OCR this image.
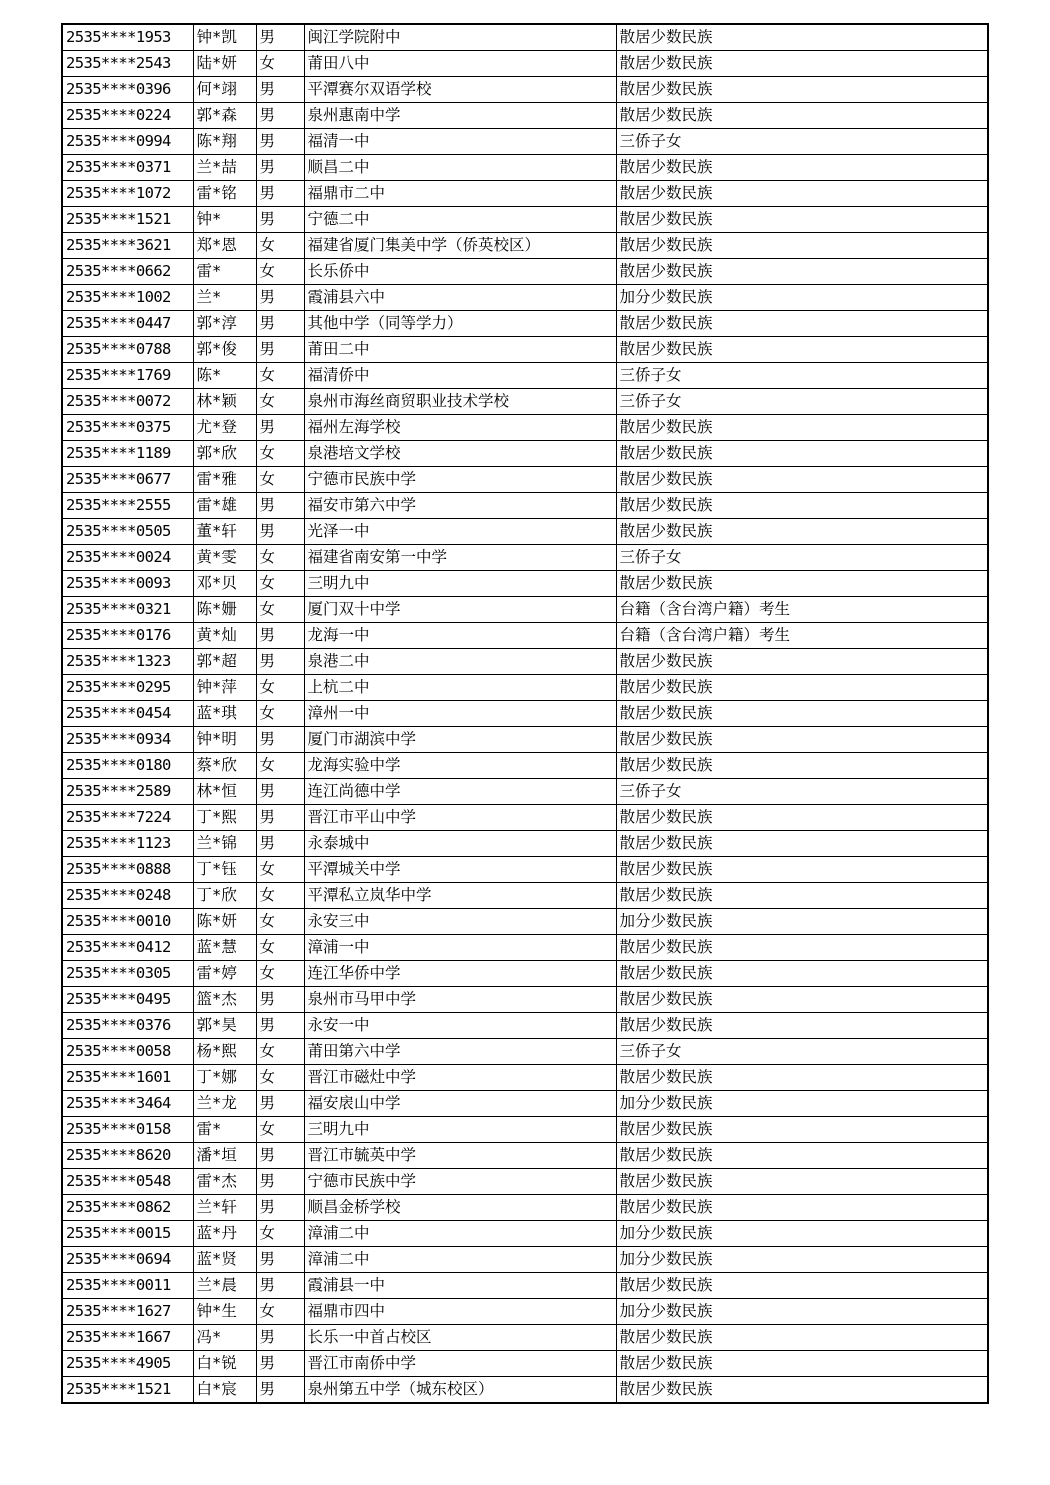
2535****1953	钟*凯	男	闽江学院附中	散居少数民族
2535****2543	陆*妍	女	莆田八中	散居少数民族
2535****0396	何*翊	男	平潭赛尔双语学校	散居少数民族
2535****0224	郭*森	男	泉州惠南中学	散居少数民族
2535****0994	陈*翔	男	福清一中	三侨子女
2535****0371	兰*喆	男	顺昌二中	散居少数民族
2535****1072	雷*铭	男	福鼎市二中	散居少数民族
2535****1521	钟*	男	宁德二中	散居少数民族
2535****3621	郑*恩	女	福建省厦门集美中学（侨英校区）	散居少数民族
2535****0662	雷*	女	长乐侨中	散居少数民族
2535****1002	兰*	男	霞浦县六中	加分少数民族
2535****0447	郭*淳	男	其他中学（同等学力）	散居少数民族
2535****0788	郭*俊	男	莆田二中	散居少数民族
2535****1769	陈*	女	福清侨中	三侨子女
2535****0072	林*颖	女	泉州市海丝商贸职业技术学校	三侨子女
2535****0375	尤*登	男	福州左海学校	散居少数民族
2535****1189	郭*欣	女	泉港培文学校	散居少数民族
2535****0677	雷*雅	女	宁德市民族中学	散居少数民族
2535****2555	雷*雄	男	福安市第六中学	散居少数民族
2535****0505	董*轩	男	光泽一中	散居少数民族
2535****0024	黄*雯	女	福建省南安第一中学	三侨子女
2535****0093	邓*贝	女	三明九中	散居少数民族
2535****0321	陈*姗	女	厦门双十中学	台籍（含台湾户籍）考生
2535****0176	黄*灿	男	龙海一中	台籍（含台湾户籍）考生
2535****1323	郭*超	男	泉港二中	散居少数民族
2535****0295	钟*萍	女	上杭二中	散居少数民族
2535****0454	蓝*琪	女	漳州一中	散居少数民族
2535****0934	钟*明	男	厦门市湖滨中学	散居少数民族
2535****0180	蔡*欣	女	龙海实验中学	散居少数民族
2535****2589	林*恒	男	连江尚德中学	三侨子女
2535****7224	丁*熙	男	晋江市平山中学	散居少数民族
2535****1123	兰*锦	男	永泰城中	散居少数民族
2535****0888	丁*钰	女	平潭城关中学	散居少数民族
2535****0248	丁*欣	女	平潭私立岚华中学	散居少数民族
2535****0010	陈*妍	女	永安三中	加分少数民族
2535****0412	蓝*慧	女	漳浦一中	散居少数民族
2535****0305	雷*婷	女	连江华侨中学	散居少数民族
2535****0495	篮*杰	男	泉州市马甲中学	散居少数民族
2535****0376	郭*昊	男	永安一中	散居少数民族
2535****0058	杨*熙	女	莆田第六中学	三侨子女
2535****1601	丁*娜	女	晋江市磁灶中学	散居少数民族
2535****3464	兰*龙	男	福安扆山中学	加分少数民族
2535****0158	雷*	女	三明九中	散居少数民族
2535****8620	潘*垣	男	晋江市毓英中学	散居少数民族
2535****0548	雷*杰	男	宁德市民族中学	散居少数民族
2535****0862	兰*轩	男	顺昌金桥学校	散居少数民族
2535****0015	蓝*丹	女	漳浦二中	加分少数民族
2535****0694	蓝*贤	男	漳浦二中	加分少数民族
2535****0011	兰*晨	男	霞浦县一中	散居少数民族
2535****1627	钟*生	女	福鼎市四中	加分少数民族
2535****1667	冯*	男	长乐一中首占校区	散居少数民族
2535****4905	白*锐	男	晋江市南侨中学	散居少数民族
2535****1521	白*宸	男	泉州第五中学（城东校区）	散居少数民族
